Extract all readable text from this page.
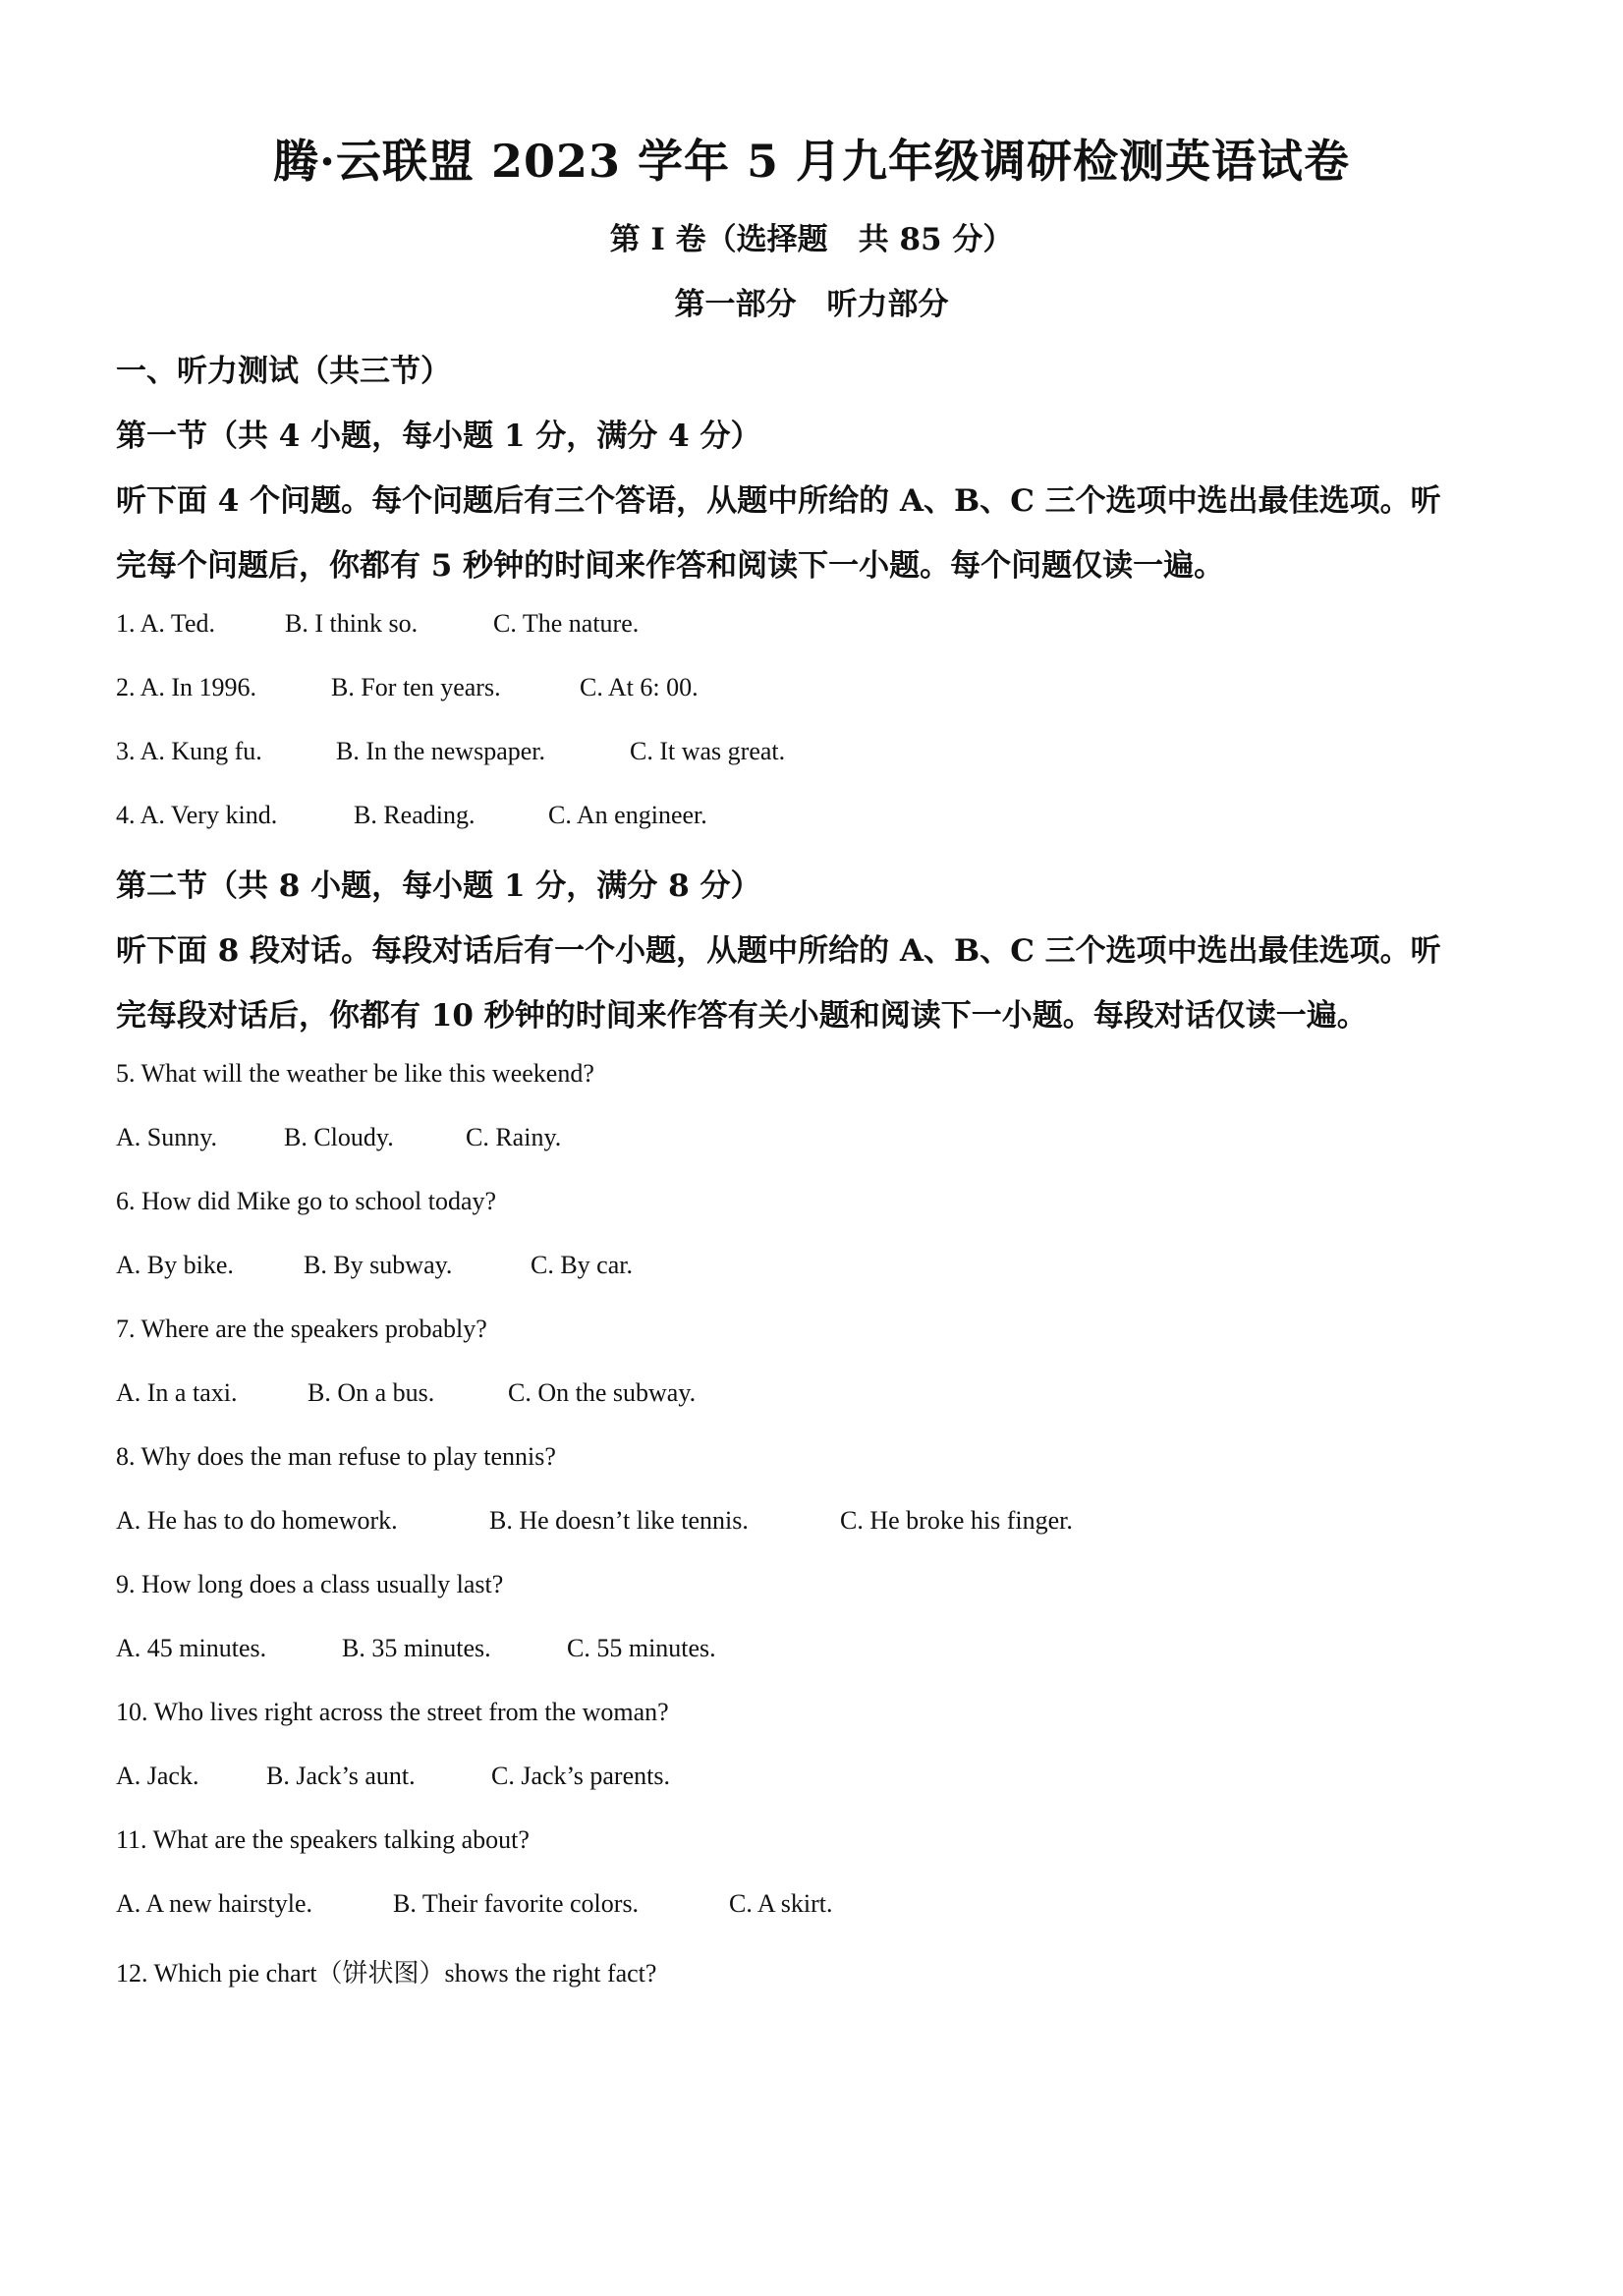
腾·云联盟 2023 学年 5 月九年级调研检测英语试卷
第 I 卷（选择题　共 85 分）
第一部分　听力部分
一、听力测试（共三节）
第一节（共 4 小题，每小题 1 分，满分 4 分）
听下面 4 个问题。每个问题后有三个答语，从题中所给的 A、B、C 三个选项中选出最佳选项。听
完每个问题后，你都有 5 秒钟的时间来作答和阅读下一小题。每个问题仅读一遍。
1. A. Ted.	B. I think so.	C. The nature.
2. A. In 1996.	B. For ten years.	C. At 6: 00.
3. A. Kung fu.	B. In the newspaper.	C. It was great.
4. A. Very kind.	B. Reading.	C. An engineer.
第二节（共 8 小题，每小题 1 分，满分 8 分）
听下面 8 段对话。每段对话后有一个小题，从题中所给的 A、B、C 三个选项中选出最佳选项。听
完每段对话后，你都有 10 秒钟的时间来作答有关小题和阅读下一小题。每段对话仅读一遍。
5. What will the weather be like this weekend?
A. Sunny.	B. Cloudy.	C. Rainy.
6. How did Mike go to school today?
A. By bike.	B. By subway.	C. By car.
7. Where are the speakers probably?
A. In a taxi.	B. On a bus.	C. On the subway.
8. Why does the man refuse to play tennis?
A. He has to do homework.	B. He doesn’t like tennis.	C. He broke his finger.
9. How long does a class usually last?
A. 45 minutes.	B. 35 minutes.	C. 55 minutes.
10. Who lives right across the street from the woman?
A. Jack.	B. Jack’s aunt.	C. Jack’s parents.
11. What are the speakers talking about?
A. A new hairstyle.	B. Their favorite colors.	C. A skirt.
12. Which pie chart（饼状图）shows the right fact?
